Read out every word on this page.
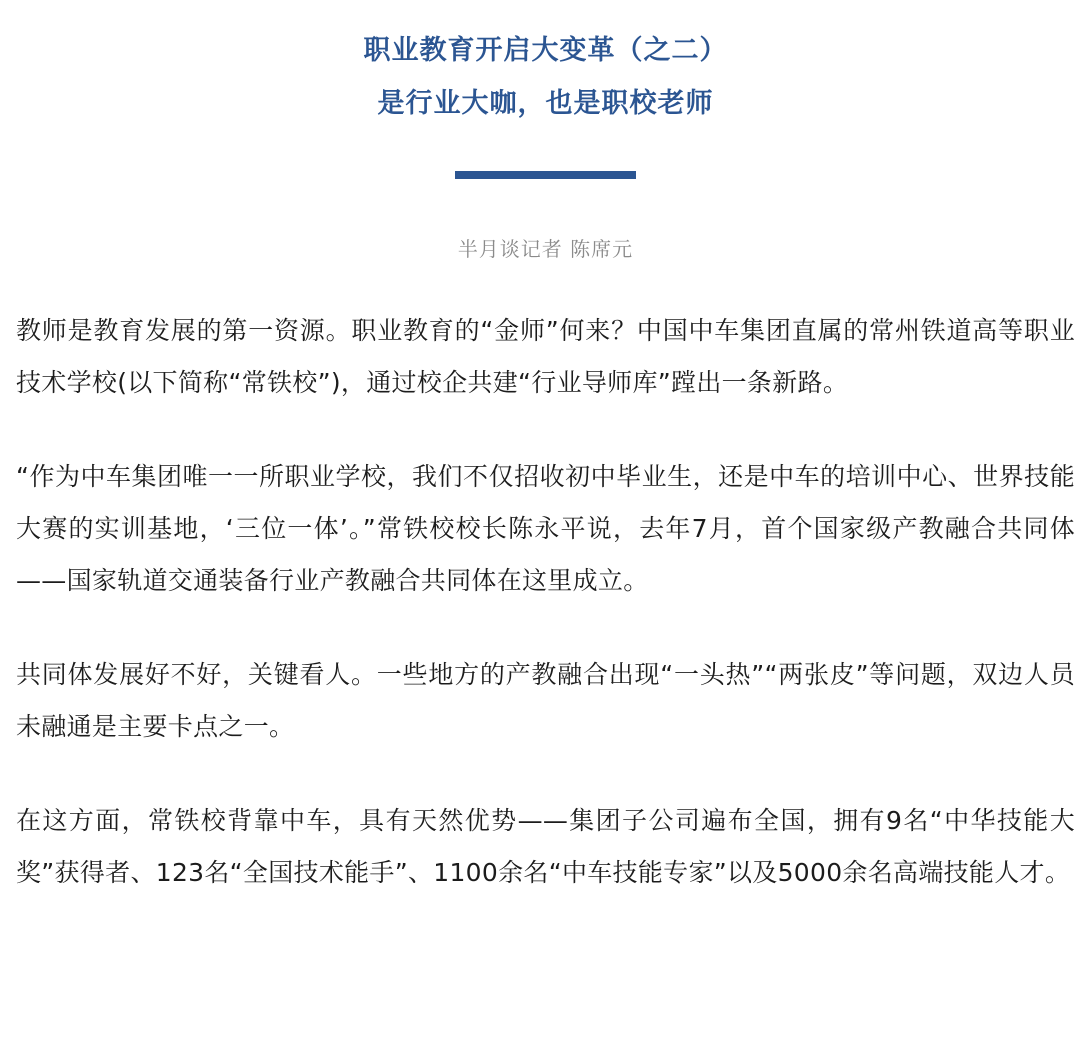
职业教育开启大变革（之二）
是行业大咖，也是职校老师
半月谈记者 陈席元

教师是教育发展的第一资源。职业教育的“金师”何来？中国中车集团直属的常州铁道高等职业技术学校(以下简称“常铁校”)，通过校企共建“行业导师库”蹚出一条新路。

“作为中车集团唯一一所职业学校，我们不仅招收初中毕业生，还是中车的培训中心、世界技能大赛的实训基地，‘三位一体’。”常铁校校长陈永平说，去年7月，首个国家级产教融合共同体——国家轨道交通装备行业产教融合共同体在这里成立。

共同体发展好不好，关键看人。一些地方的产教融合出现“一头热”“两张皮”等问题，双边人员未融通是主要卡点之一。

在这方面，常铁校背靠中车，具有天然优势——集团子公司遍布全国，拥有9名“中华技能大奖”获得者、123名“全国技术能手”、1100余名“中车技能专家”以及5000余名高端技能人才。
